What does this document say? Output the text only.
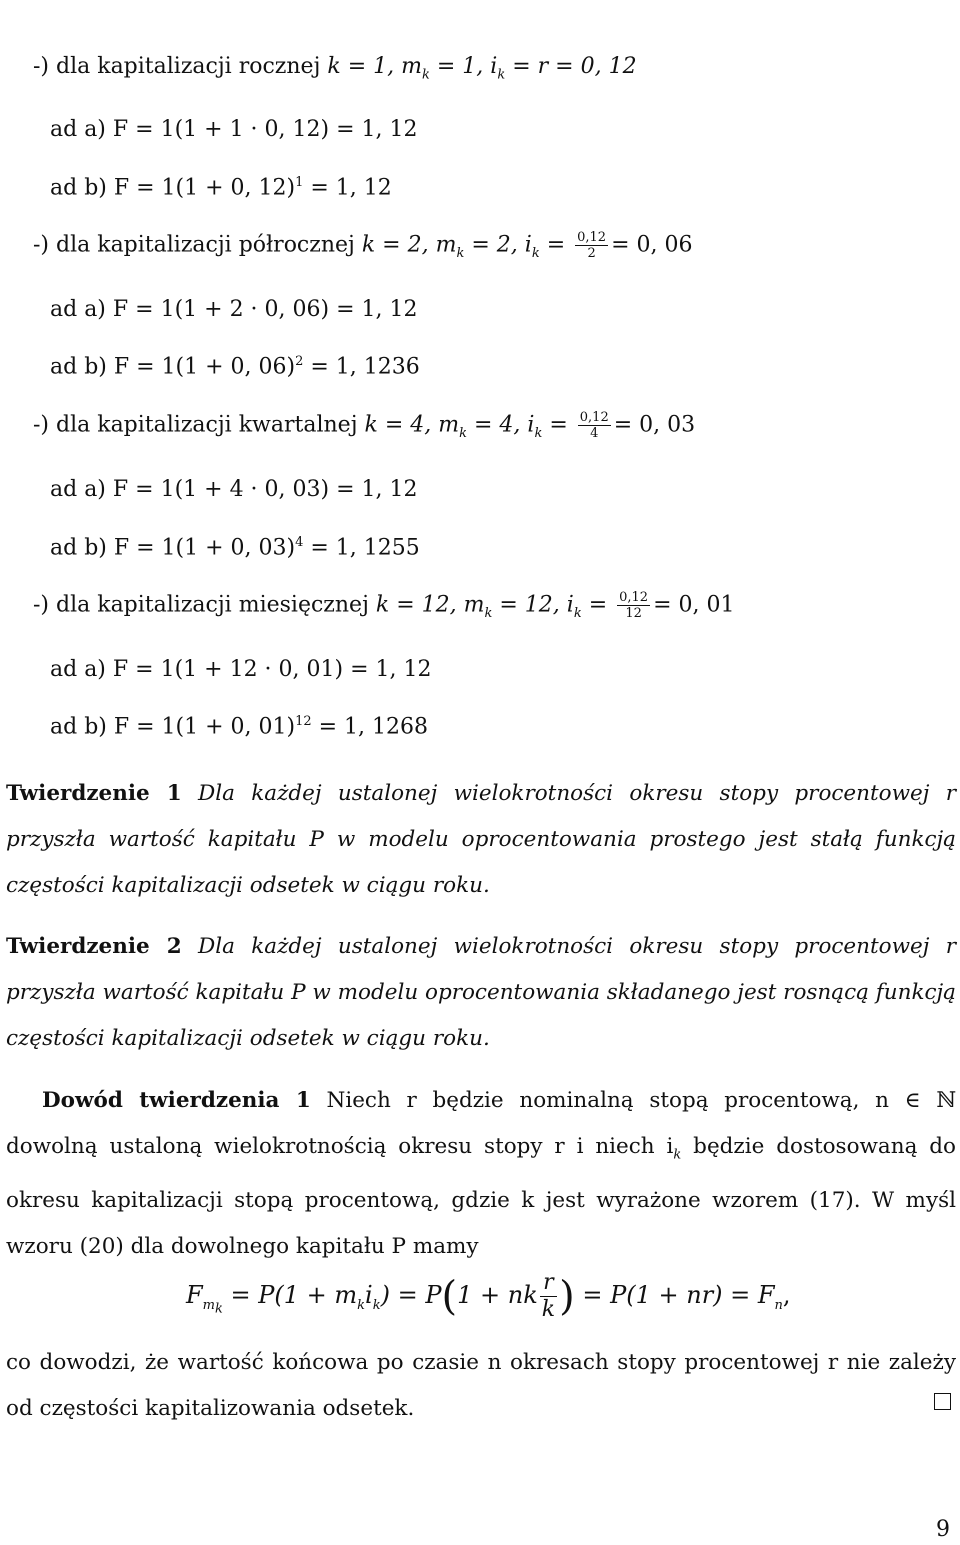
-) dla kapitalizacji rocznej k = 1, $m_k = 1$, $i_k = r = 0$, 12
ad a) F = 1(1 + 1 · 0, 12) = 1, 12
ad b) F = 1(1 + 0, 12)$^1$ = 1, 12
-) dla kapitalizacji półrocznej k = 2, $m_k = 2$, $i_k = \frac{0,12}{2} = 0$, 06
ad a) F = 1(1 + 2 · 0, 06) = 1, 12
ad b) F = 1(1 + 0, 06)$^2$ = 1, 1236
-) dla kapitalizacji kwartalnej k = 4, $m_k = 4$, $i_k = \frac{0,12}{4} = 0$, 03
ad a) F = 1(1 + 4 · 0, 03) = 1, 12
ad b) F = 1(1 + 0, 03)$^4$ = 1, 1255
-) dla kapitalizacji miesięcznej k = 12, $m_k = 12$, $i_k = \frac{0,12}{12} = 0$, 01
ad a) F = 1(1 + 12 · 0, 01) = 1, 12
ad b) F = 1(1 + 0, 01)$^{12}$ = 1, 1268
Twierdzenie 1 Dla każdej ustalonej wielokrotności okresu stopy procentowej r przyszła wartość kapitału P w modelu oprocentowania prostego jest stałą funkcją częstości kapitalizacji odsetek w ciągu roku.
Twierdzenie 2 Dla każdej ustalonej wielokrotności okresu stopy procentowej r przyszła wartość kapitału P w modelu oprocentowania składanego jest rosnącą funkcją częstości kapitalizacji odsetek w ciągu roku.
Dowód twierdzenia 1 Niech r będzie nominalną stopą procentową, n ∈ ℕ dowolną ustaloną wielokrotnością okresu stopy r i niech $i_k$ będzie dostosowaną do okresu kapitalizacji stopą procentową, gdzie k jest wyrażone wzorem (17). W myśl wzoru (20) dla dowolnego kapitału P mamy
$F_{m_k} = P(1 + m_ki_k) = P(1$ + nk $\frac{r}{k}$ ) = $P(1 + nr) = F_n$,
co dowodzi, że wartość końcowa po czasie n okresach stopy procentowej r nie zależy od częstości kapitalizowania odsetek.
9
